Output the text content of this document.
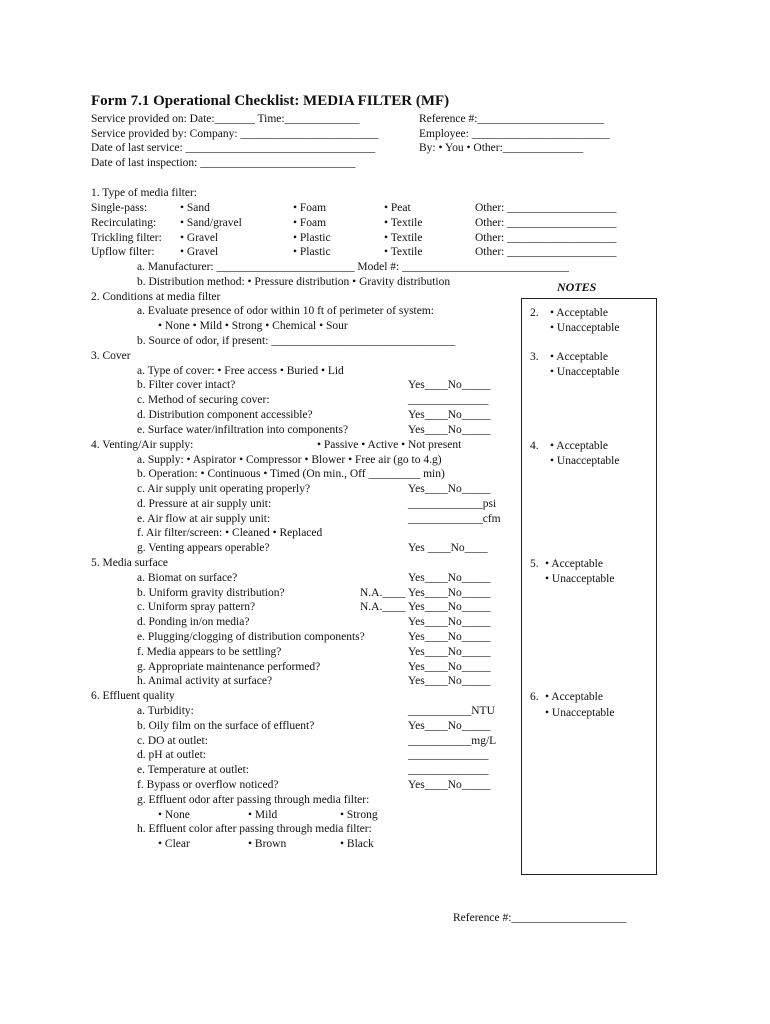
Form 7.1 Operational Checklist: MEDIA FILTER (MF)
Service provided on: Date:_______ Time:_____________	Reference #:______________________
Service provided by: Company: ________________________	Employee: ________________________
Date of last service: _________________________________	By: • You • Other:______________
Date of last inspection: ___________________________
1. Type of media filter:
Single-pass:	• Sand	• Foam	• Peat	Other: ___________________
Recirculating: • Sand/gravel	• Foam	• Textile	Other: ___________________
Trickling filter: • Gravel	• Plastic	• Textile	Other: ___________________
Upflow filter: • Gravel	• Plastic	• Textile	Other: ___________________
a. Manufacturer: ________________________ Model #: _____________________________
b. Distribution method: • Pressure distribution • Gravity distribution
2. Conditions at media filter
a. Evaluate presence of odor within 10 ft of perimeter of system:
• None • Mild • Strong • Chemical • Sour
b. Source of odor, if present: ________________________________
3. Cover
a. Type of cover: • Free access • Buried • Lid
b. Filter cover intact?	Yes____No_____
c. Method of securing cover:	______________
d. Distribution component accessible?	Yes____No_____
e. Surface water/infiltration into components?	Yes____No_____
4. Venting/Air supply:	• Passive • Active • Not present
a. Supply: • Aspirator • Compressor • Blower • Free air (go to 4.g)
b. Operation: • Continuous • Timed (On min., Off _________ min)
c. Air supply unit operating properly?	Yes____No_____
d. Pressure at air supply unit:	_____________psi
e. Air flow at air supply unit:	_____________cfm
f. Air filter/screen: • Cleaned • Replaced
g. Venting appears operable?	Yes ____No____
5. Media surface
a. Biomat on surface?	Yes____No_____
b. Uniform gravity distribution?	N.A.____ Yes____No_____
c. Uniform spray pattern?	N.A.____ Yes____No_____
d. Ponding in/on media?	Yes____No_____
e. Plugging/clogging of distribution components?	Yes____No_____
f. Media appears to be settling?	Yes____No_____
g. Appropriate maintenance performed?	Yes____No_____
h. Animal activity at surface?	Yes____No_____
6. Effluent quality
a. Turbidity:	___________NTU
b. Oily film on the surface of effluent?	Yes____No_____
c. DO at outlet:	___________mg/L
d. pH at outlet:	______________
e. Temperature at outlet:	______________
f. Bypass or overflow noticed?	Yes____No_____
g. Effluent odor after passing through media filter:
• None	• Mild	• Strong
h. Effluent color after passing through media filter:
• Clear	• Brown	• Black
NOTES
2. • Acceptable
• Unacceptable
3. • Acceptable
• Unacceptable
4. • Acceptable
• Unacceptable
5. • Acceptable
• Unacceptable
6. • Acceptable
• Unacceptable
Reference #:____________________
